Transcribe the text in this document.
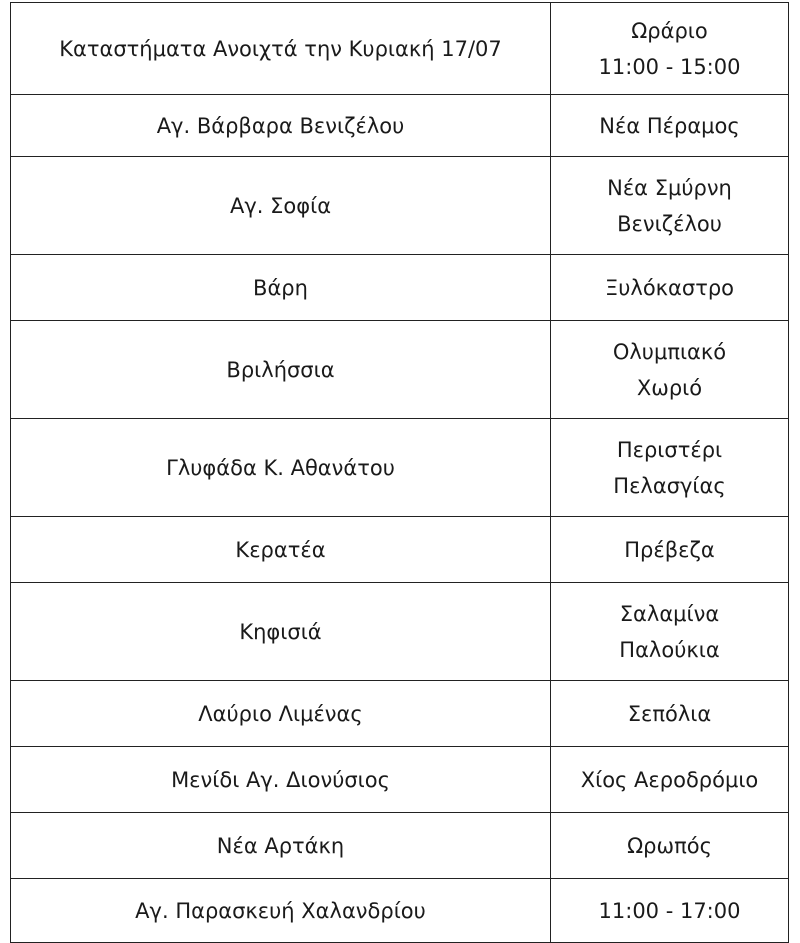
Καταστήματα Ανοιχτά την Κυριακή 17/07	Ωράριο
11:00 - 15:00

Αγ. Βάρβαρα Βενιζέλου	Νέα Πέραμος

Αγ. Σοφία	Νέα Σμύρνη
Βενιζέλου

Βάρη	Ξυλόκαστρο

Βριλήσσια	Ολυμπιακό
Χωριό

Γλυφάδα Κ. Αθανάτου	Περιστέρι
Πελασγίας

Κερατέα	Πρέβεζα

Κηφισιά	Σαλαμίνα
Παλούκια

Λαύριο Λιμένας	Σεπόλια

Μενίδι Αγ. Διονύσιος	Χίος Αεροδρόμιο

Νέα Αρτάκη	Ωρωπός

Αγ. Παρασκευή Χαλανδρίου	11:00 - 17:00
